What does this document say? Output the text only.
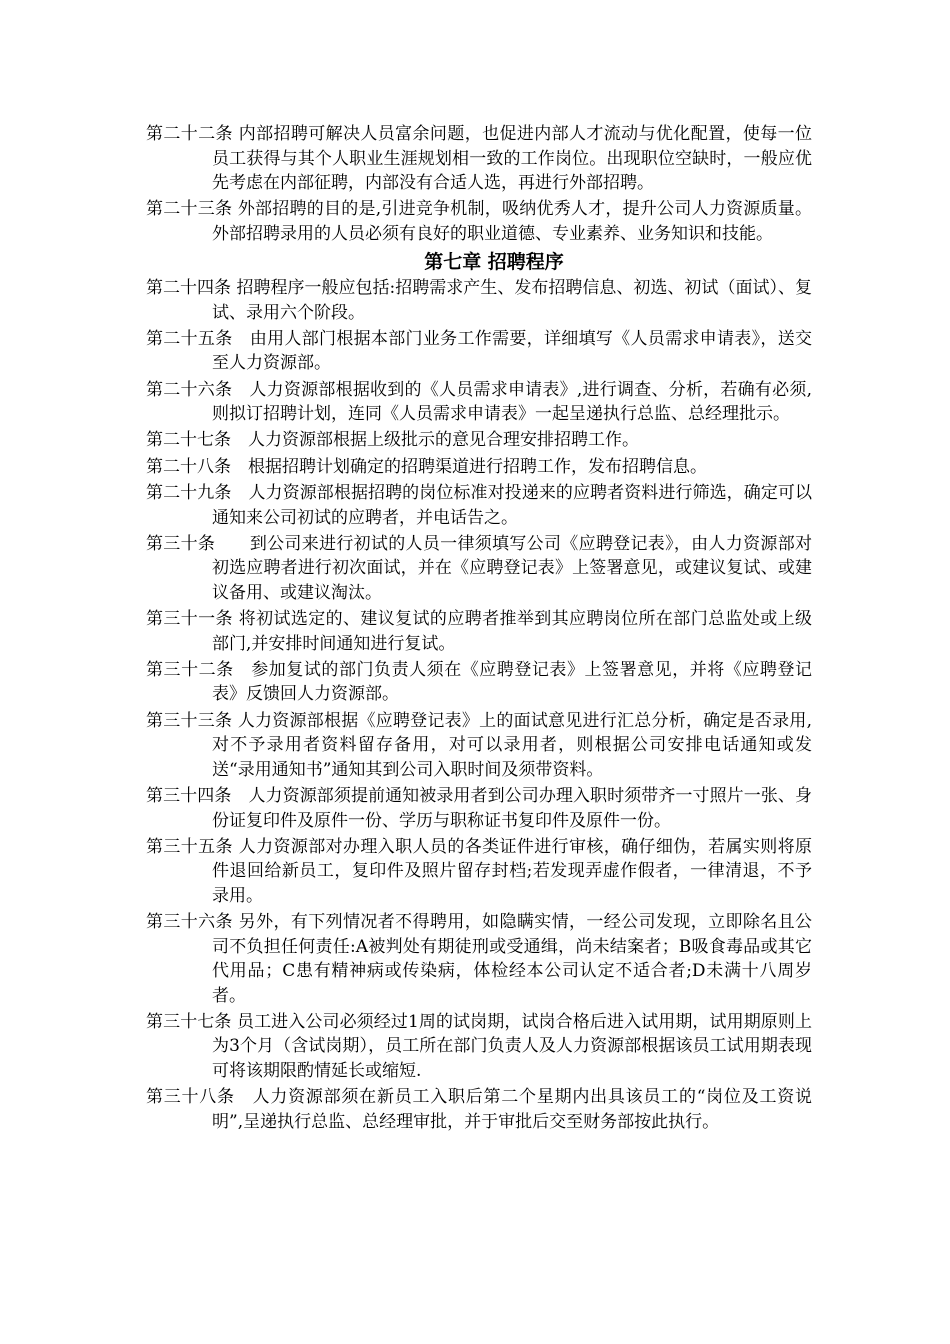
第二十二条 内部招聘可解决人员富余问题，也促进内部人才流动与优化配置，使每一位员工获得与其个人职业生涯规划相一致的工作岗位。出现职位空缺时，一般应优先考虑在内部征聘，内部没有合适人选，再进行外部招聘。

第二十三条 外部招聘的目的是,引进竞争机制，吸纳优秀人才，提升公司人力资源质量。外部招聘录用的人员必须有良好的职业道德、专业素养、业务知识和技能。

第七章 招聘程序

第二十四条 招聘程序一般应包括:招聘需求产生、发布招聘信息、初选、初试（面试）、复试、录用六个阶段。

第二十五条　由用人部门根据本部门业务工作需要，详细填写《人员需求申请表》，送交至人力资源部。

第二十六条　人力资源部根据收到的《人员需求申请表》,进行调查、分析，若确有必须,则拟订招聘计划，连同《人员需求申请表》一起呈递执行总监、总经理批示。

第二十七条　人力资源部根据上级批示的意见合理安排招聘工作。

第二十八条　根据招聘计划确定的招聘渠道进行招聘工作，发布招聘信息。

第二十九条　人力资源部根据招聘的岗位标准对投递来的应聘者资料进行筛选，确定可以通知来公司初试的应聘者，并电话告之。

第三十条　　到公司来进行初试的人员一律须填写公司《应聘登记表》，由人力资源部对初选应聘者进行初次面试，并在《应聘登记表》上签署意见，或建议复试、或建议备用、或建议淘汰。

第三十一条 将初试选定的、建议复试的应聘者推举到其应聘岗位所在部门总监处或上级部门,并安排时间通知进行复试。

第三十二条　参加复试的部门负责人须在《应聘登记表》上签署意见，并将《应聘登记表》反馈回人力资源部。

第三十三条 人力资源部根据《应聘登记表》上的面试意见进行汇总分析，确定是否录用,对不予录用者资料留存备用，对可以录用者，则根据公司安排电话通知或发送“录用通知书”通知其到公司入职时间及须带资料。

第三十四条　人力资源部须提前通知被录用者到公司办理入职时须带齐一寸照片一张、身份证复印件及原件一份、学历与职称证书复印件及原件一份。

第三十五条 人力资源部对办理入职人员的各类证件进行审核，确仔细伪，若属实则将原件退回给新员工，复印件及照片留存封档;若发现弄虚作假者，一律清退，不予录用。

第三十六条 另外，有下列情况者不得聘用，如隐瞒实情，一经公司发现，立即除名且公司不负担任何责任:A被判处有期徒刑或受通缉，尚未结案者；B吸食毒品或其它代用品；C患有精神病或传染病，体检经本公司认定不适合者;D未满十八周岁者。

第三十七条 员工进入公司必须经过1周的试岗期，试岗合格后进入试用期，试用期原则上为3个月（含试岗期），员工所在部门负责人及人力资源部根据该员工试用期表现可将该期限酌情延长或缩短.

第三十八条　人力资源部须在新员工入职后第二个星期内出具该员工的“岗位及工资说明”,呈递执行总监、总经理审批，并于审批后交至财务部按此执行。
